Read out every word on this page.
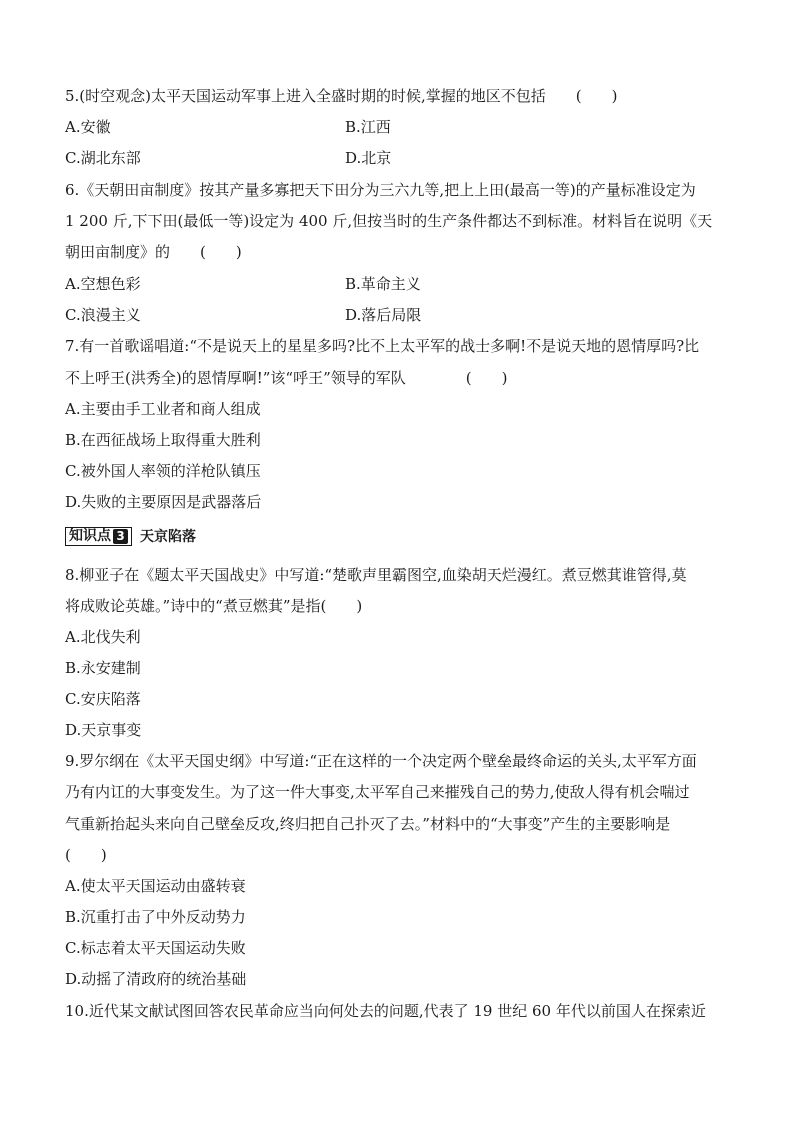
5.(时空观念)太平天国运动军事上进入全盛时期的时候,掌握的地区不包括　　(　　)
A.安徽	B.江西
C.湖北东部	D.北京
6.《天朝田亩制度》按其产量多寡把天下田分为三六九等,把上上田(最高一等)的产量标准设定为
1 200 斤,下下田(最低一等)设定为 400 斤,但按当时的生产条件都达不到标准。材料旨在说明《天
朝田亩制度》的　　(　　)
A.空想色彩	B.革命主义
C.浪漫主义	D.落后局限
7.有一首歌谣唱道:“不是说天上的星星多吗?比不上太平军的战士多啊!不是说天地的恩情厚吗?比
不上呼王(洪秀全)的恩情厚啊!”该“呼王”领导的军队　　　　(　　)
A.主要由手工业者和商人组成
B.在西征战场上取得重大胜利
C.被外国人率领的洋枪队镇压
D.失败的主要原因是武器落后
知识点 3 天京陷落
8.柳亚子在《题太平天国战史》中写道:“楚歌声里霸图空,血染胡天烂漫红。煮豆燃萁谁管得,莫
将成败论英雄。”诗中的“煮豆燃萁”是指(　　)
A.北伐失利
B.永安建制
C.安庆陷落
D.天京事变
9.罗尔纲在《太平天国史纲》中写道:“正在这样的一个决定两个壁垒最终命运的关头,太平军方面
乃有内讧的大事变发生。为了这一件大事变,太平军自己来摧残自己的势力,使敌人得有机会喘过
气重新抬起头来向自己壁垒反攻,终归把自己扑灭了去。”材料中的“大事变”产生的主要影响是
(　　)
A.使太平天国运动由盛转衰
B.沉重打击了中外反动势力
C.标志着太平天国运动失败
D.动摇了清政府的统治基础
10.近代某文献试图回答农民革命应当向何处去的问题,代表了 19 世纪 60 年代以前国人在探索近
